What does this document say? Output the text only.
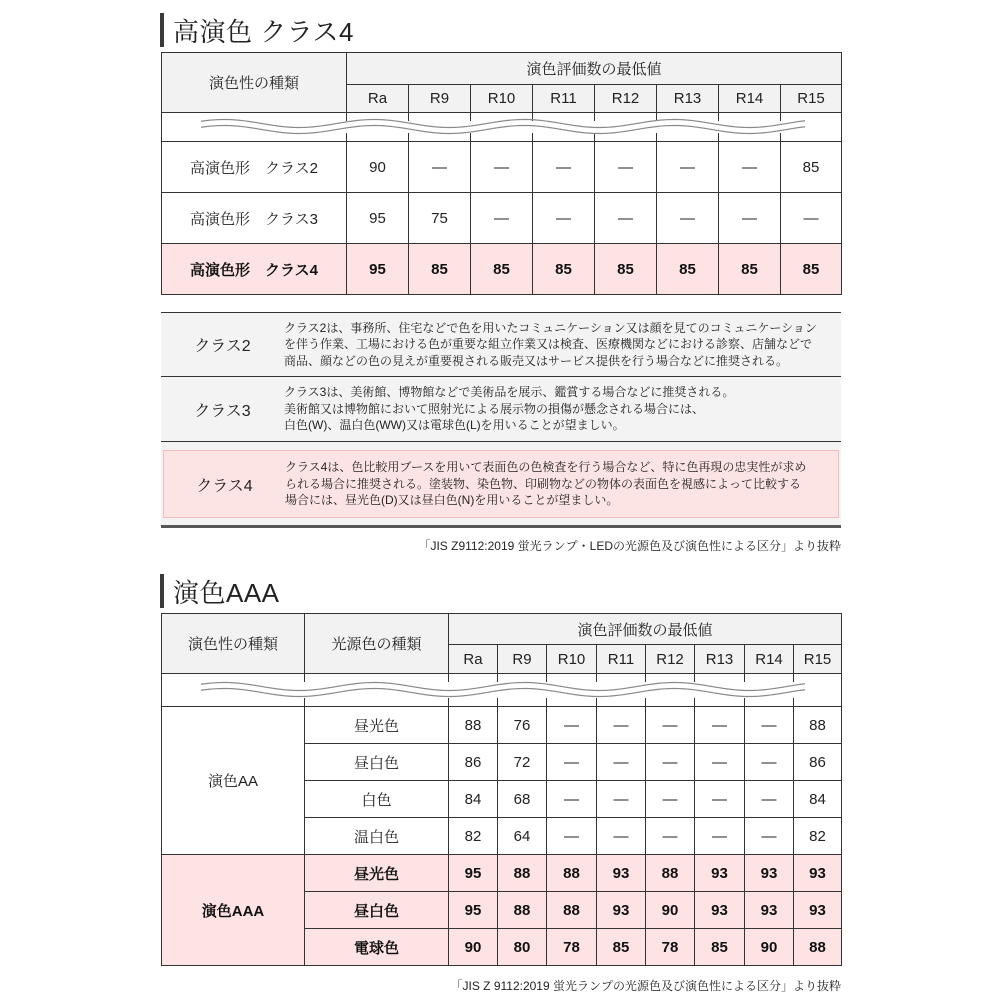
高演色 クラス4
演色性の種類	演色評価数の最低値							
	Ra	R9	R10	R11	R12	R13	R14	R15

高演色形　クラス2	90	—	—	—	—	—	—	85
高演色形　クラス3	95	75	—	—	—	—	—	—
高演色形　クラス4	95	85	85	85	85	85	85	85
クラス2
クラス2は、事務所、住宅などで色を用いたコミュニケーション又は顔を見てのコミュニケーション
を伴う作業、工場における色が重要な組立作業又は検査、医療機関などにおける診察、店舗などで
商品、顔などの色の見えが重要視される販売又はサービス提供を行う場合などに推奨される。
クラス3
クラス3は、美術館、博物館などで美術品を展示、鑑賞する場合などに推奨される。
美術館又は博物館において照射光による展示物の損傷が懸念される場合には、
白色(W)、温白色(WW)又は電球色(L)を用いることが望ましい。
クラス4
クラス4は、色比較用ブースを用いて表面色の色検査を行う場合など、特に色再現の忠実性が求め
られる場合に推奨される。塗装物、染色物、印刷物などの物体の表面色を視感によって比較する
場合には、昼光色(D)又は昼白色(N)を用いることが望ましい。
「JIS Z9112:2019 蛍光ランプ・LEDの光源色及び演色性による区分」より抜粋
演色AAA
演色性の種類	光源色の種類	演色評価数の最低値							
		Ra	R9	R10	R11	R12	R13	R14	R15

演色AA	昼光色	88	76	—	—	—	—	—	88
	昼白色	86	72	—	—	—	—	—	86
	白色	84	68	—	—	—	—	—	84
	温白色	82	64	—	—	—	—	—	82
演色AAA	昼光色	95	88	88	93	88	93	93	93
	昼白色	95	88	88	93	90	93	93	93
	電球色	90	80	78	85	78	85	90	88
「JIS Z 9112:2019 蛍光ランプの光源色及び演色性による区分」より抜粋
